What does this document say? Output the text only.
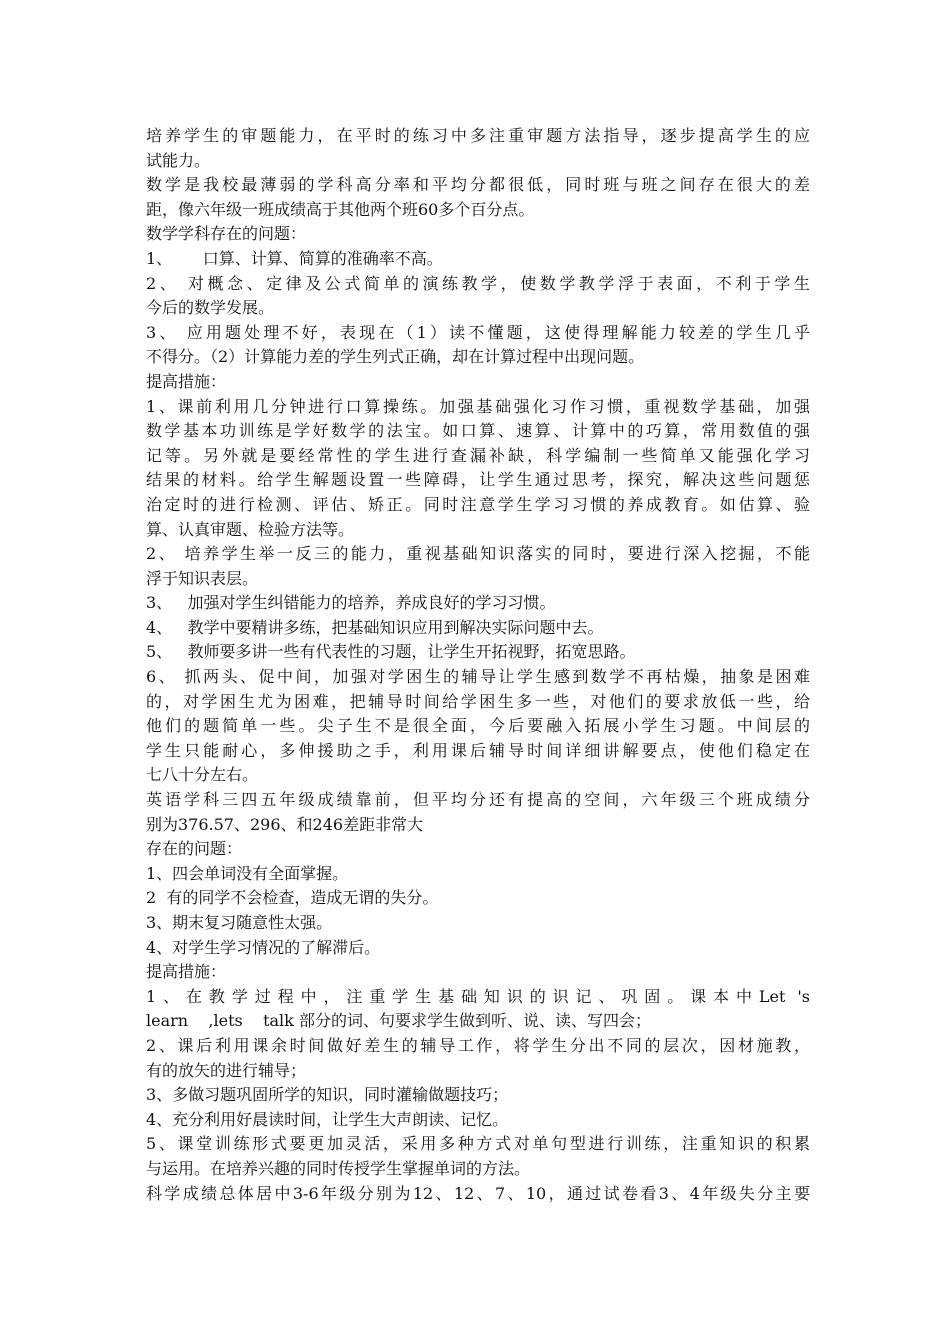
培养学生的审题能力，在平时的练习中多注重审题方法指导，逐步提高学生的应
试能力。
数学是我校最薄弱的学科高分率和平均分都很低，同时班与班之间存在很大的差
距，像六年级一班成绩高于其他两个班60多个百分点。
数学学科存在的问题：
1、      口算、计算、简算的准确率不高。
2、 对概念、定律及公式简单的演练教学，使数学教学浮于表面，不利于学生
今后的数学发展。
3、 应用题处理不好，表现在（1）读不懂题，这使得理解能力较差的学生几乎
不得分。（2）计算能力差的学生列式正确，却在计算过程中出现问题。
提高措施：
1、课前利用几分钟进行口算操练。加强基础强化习作习惯，重视数学基础，加强
数学基本功训练是学好数学的法宝。如口算、速算、计算中的巧算，常用数值的强
记等。另外就是要经常性的学生进行查漏补缺，科学编制一些简单又能强化学习
结果的材料。给学生解题设置一些障碍，让学生通过思考，探究，解决这些问题惩
治定时的进行检测、评估、矫正。同时注意学生学习习惯的养成教育。如估算、验
算、认真审题、检验方法等。
2、 培养学生举一反三的能力，重视基础知识落实的同时，要进行深入挖掘，不能
浮于知识表层。
3、   加强对学生纠错能力的培养，养成良好的学习习惯。
4、   教学中要精讲多练，把基础知识应用到解决实际问题中去。
5、   教师要多讲一些有代表性的习题，让学生开拓视野，拓宽思路。
6、 抓两头、促中间，加强对学困生的辅导让学生感到数学不再枯燥，抽象是困难
的，对学困生尤为困难，把辅导时间给学困生多一些，对他们的要求放低一些，给
他们的题简单一些。尖子生不是很全面，今后要融入拓展小学生习题。中间层的
学生只能耐心，多伸援助之手，利用课后辅导时间详细讲解要点，使他们稳定在
七八十分左右。
英语学科三四五年级成绩靠前，但平均分还有提高的空间，六年级三个班成绩分
别为376.57、296、和246差距非常大
存在的问题：
1、四会单词没有全面掌握。
2  有的同学不会检查，造成无谓的失分。
3、期末复习随意性太强。
4、对学生学习情况的了解滞后。
提高措施：
1、在教学过程中，注重学生基础知识的识记、巩固。课本中Let 's
learn    ,lets    talk 部分的词、句要求学生做到听、说、读、写四会；
2、课后利用课余时间做好差生的辅导工作，将学生分出不同的层次，因材施教，
有的放矢的进行辅导；
3、多做习题巩固所学的知识，同时灌输做题技巧；
4、充分利用好晨读时间，让学生大声朗读、记忆。
5、课堂训练形式要更加灵活，采用多种方式对单句型进行训练，注重知识的积累
与运用。在培养兴趣的同时传授学生掌握单词的方法。
科学成绩总体居中3-6年级分别为12、12、7、10，通过试卷看3、4年级失分主要
